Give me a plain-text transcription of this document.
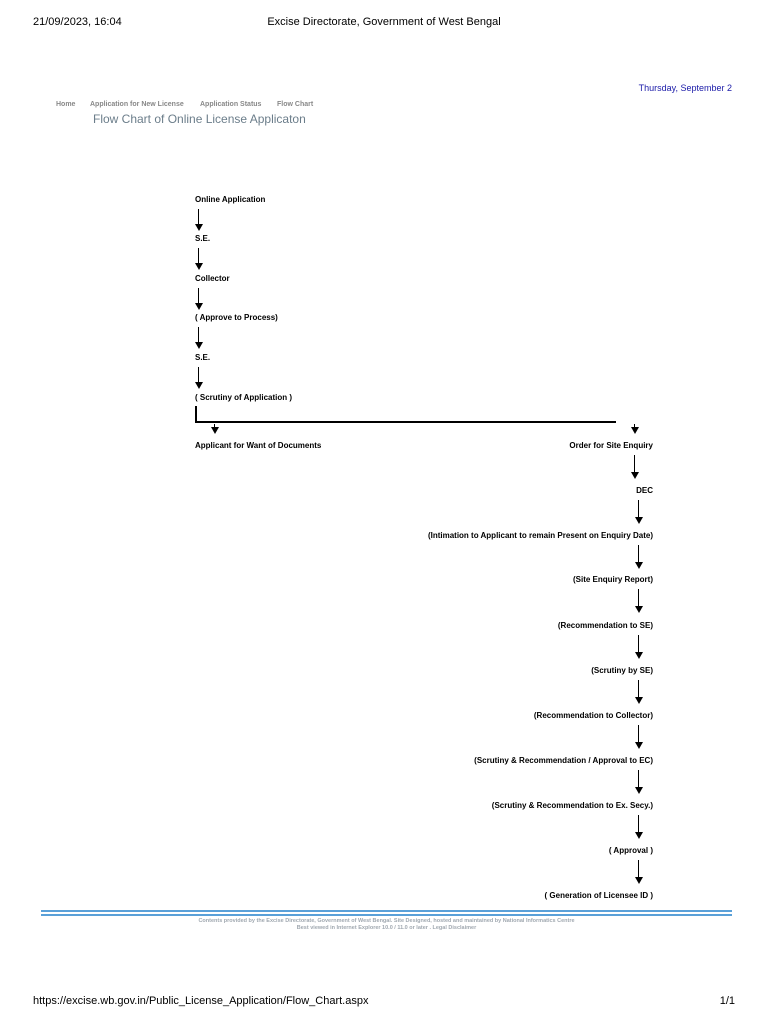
21/09/2023, 16:04	Excise Directorate, Government of West Bengal
Thursday, September 2
Home Application for New License Application Status Flow Chart
Flow Chart of Online License Applicaton
Online Application
S.E.
Collector
( Approve to Process)
S.E.
( Scrutiny of Application )
Applicant for Want of Documents	Order for Site Enquiry
DEC
(Intimation to Applicant to remain Present on Enquiry Date)
(Site Enquiry Report)
(Recommendation to SE)
(Scrutiny by SE)
(Recommendation to Collector)
(Scrutiny & Recommendation / Approval to EC)
(Scrutiny & Recommendation to Ex. Secy.)
( Approval )
( Generation of Licensee ID )
Contents provided by the Excise Directorate, Government of West Bengal. Site Designed, hosted and maintained by National Informatics Centre
Best viewed in Internet Explorer 10.0 / 11.0 or later . Legal Disclaimer
https://excise.wb.gov.in/Public_License_Application/Flow_Chart.aspx	1/1
